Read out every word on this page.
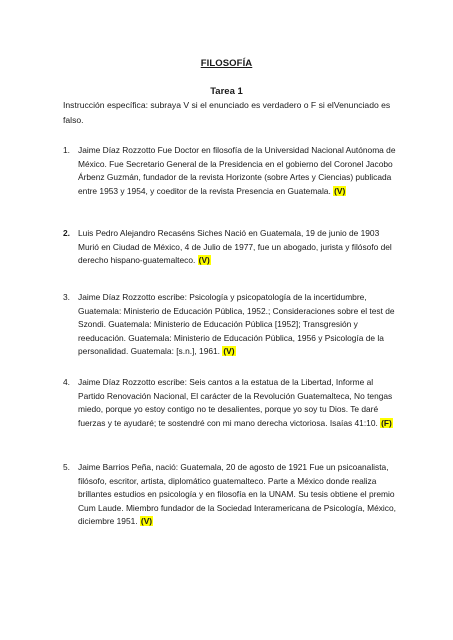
FILOSOFÍA
Tarea 1
Instrucción específica: subraya V si el enunciado es verdadero o F si elVenunciado es falso.
1. Jaime Díaz Rozzotto Fue Doctor en filosofía de la Universidad Nacional Autónoma de México. Fue Secretario General de la Presidencia en el gobierno del Coronel Jacobo Árbenz Guzmán, fundador de la revista Horizonte (sobre Artes y Ciencias) publicada entre 1953 y 1954, y coeditor de la revista Presencia en Guatemala. (V)
2. Luis Pedro Alejandro Recaséns Siches Nació en Guatemala, 19 de junio de 1903 Murió en Ciudad de México, 4 de Julio de 1977, fue un abogado, jurista y filósofo del derecho hispano-guatemalteco. (V)
3. Jaime Díaz Rozzotto escribe: Psicología y psicopatología de la incertidumbre, Guatemala: Ministerio de Educación Pública, 1952.; Consideraciones sobre el test de Szondi. Guatemala: Ministerio de Educación Pública [1952]; Transgresión y reeducación. Guatemala: Ministerio de Educación Pública, 1956 y Psicología de la personalidad. Guatemala: [s.n.], 1961. (V)
4. Jaime Díaz Rozzotto escribe: Seis cantos a la estatua de la Libertad, Informe al Partido Renovación Nacional, El carácter de la Revolución Guatemalteca, No tengas miedo, porque yo estoy contigo no te desalientes, porque yo soy tu Dios. Te daré fuerzas y te ayudaré; te sostendré con mi mano derecha victoriosa. Isaías 41:10. (F)
5. Jaime Barrios Peña, nació: Guatemala, 20 de agosto de 1921 Fue un psicoanalista, filósofo, escritor, artista, diplomático guatemalteco. Parte a México donde realiza brillantes estudios en psicología y en filosofía en la UNAM. Su tesis obtiene el premio Cum Laude. Miembro fundador de la Sociedad Interamericana de Psicología, México, diciembre 1951. (V)
